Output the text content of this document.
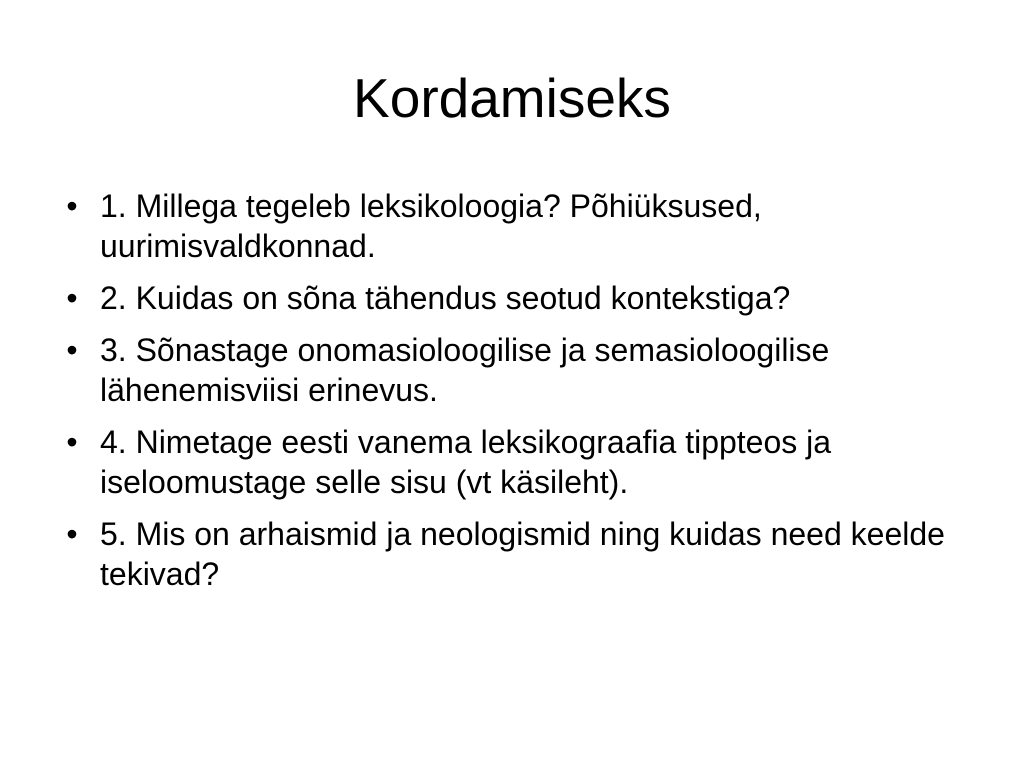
Kordamiseks
• 1. Millega tegeleb leksikoloogia? Põhiüksused, uurimisvaldkonnad.
• 2. Kuidas on sõna tähendus seotud kontekstiga?
• 3. Sõnastage onomasioloogilise ja semasioloogilise lähenemisviisi erinevus.
• 4. Nimetage eesti vanema leksikograafia tippteos ja iseloomustage selle sisu (vt käsileht).
• 5. Mis on arhaismid ja neologismid ning kuidas need keelde tekivad?
